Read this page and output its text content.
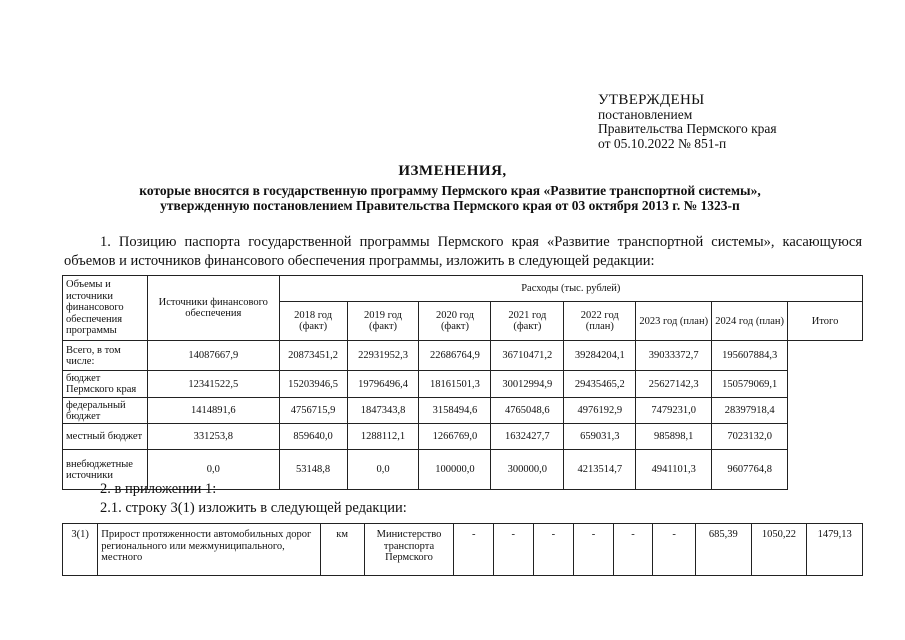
УТВЕРЖДЕНЫ
постановлением
Правительства Пермского края
от 05.10.2022 № 851-п
ИЗМЕНЕНИЯ,
которые вносятся в государственную программу Пермского края «Развитие транспортной системы»,
утвержденную постановлением Правительства Пермского края от 03 октября 2013 г. № 1323-п
1. Позицию паспорта государственной программы Пермского края «Развитие транспортной системы», касающуюся объемов и источников финансового обеспечения программы, изложить в следующей редакции:
Объемы и источники финансового обеспечения программы	Источники финансового обеспечения	Расходы (тыс. рублей)							
		2018 год (факт)	2019 год (факт)	2020 год (факт)	2021 год (факт)	2022 год (план)	2023 год (план)	2024 год (план)	Итого
Всего, в том числе:	14087667,9	20873451,2	22931952,3	22686764,9	36710471,2	39284204,1	39033372,7	195607884,3	
бюджет Пермского края	12341522,5	15203946,5	19796496,4	18161501,3	30012994,9	29435465,2	25627142,3	150579069,1	
федеральный бюджет	1414891,6	4756715,9	1847343,8	3158494,6	4765048,6	4976192,9	7479231,0	28397918,4	
местный бюджет	331253,8	859640,0	1288112,1	1266769,0	1632427,7	659031,3	985898,1	7023132,0	
внебюджетные источники	0,0	53148,8	0,0	100000,0	300000,0	4213514,7	4941101,3	9607764,8	
2. в приложении 1:
2.1. строку 3(1) изложить в следующей редакции:
3(1)	Прирост протяженности автомобильных дорог регионального или межмуниципального, местного	км	Министерство транспорта Пермского	-	-	-	-	-	-	685,39	1050,22	1479,13
